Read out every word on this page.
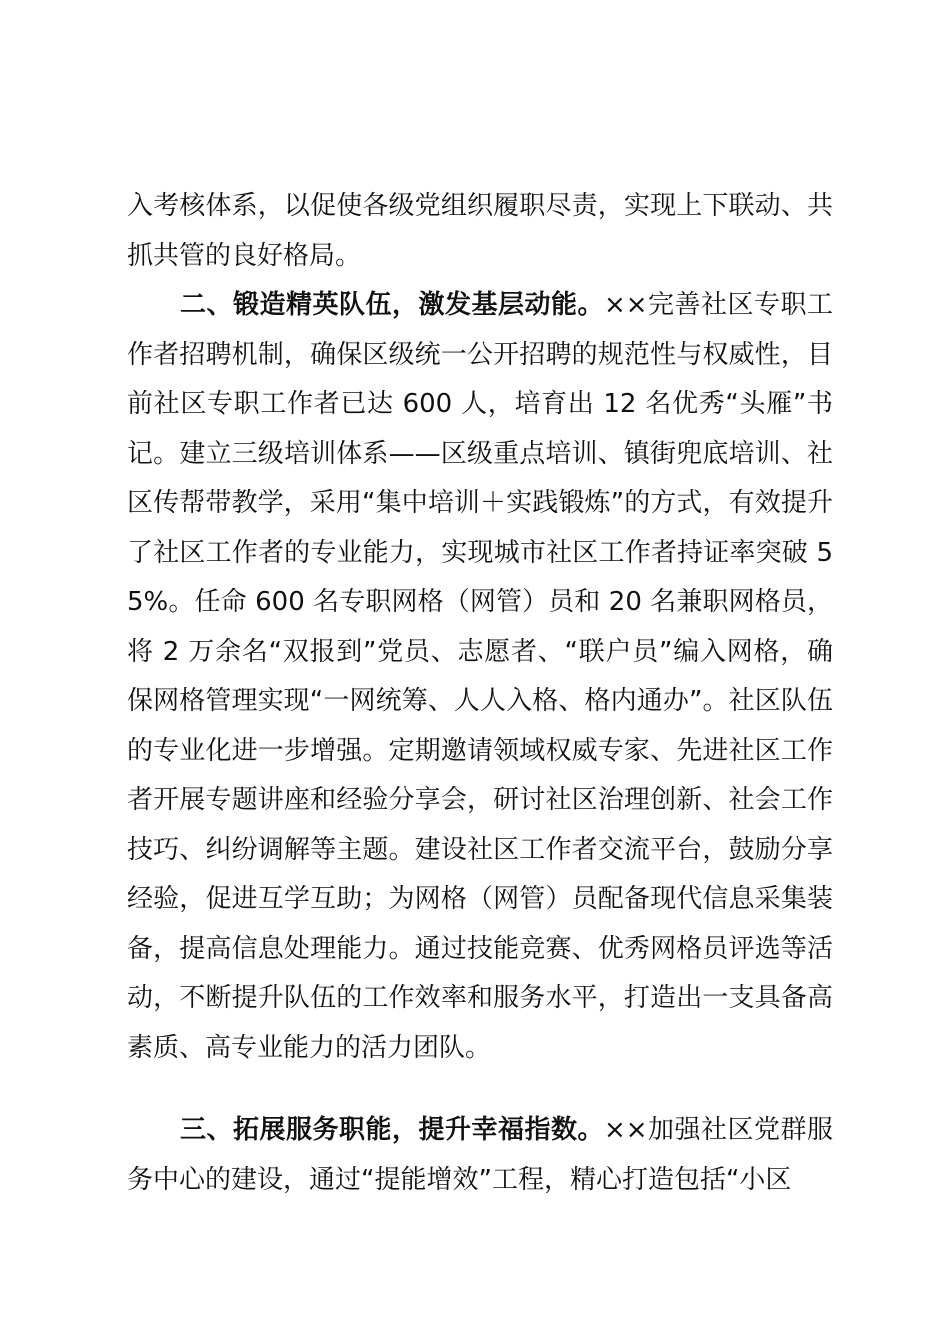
入考核体系，以促使各级党组织履职尽责，实现上下联动、共抓共管的良好格局。

二、锻造精英队伍，激发基层动能。××完善社区专职工作者招聘机制，确保区级统一公开招聘的规范性与权威性，目前社区专职工作者已达 600 人，培育出 12 名优秀“头雁”书记。建立三级培训体系——区级重点培训、镇街兜底培训、社区传帮带教学，采用“集中培训＋实践锻炼”的方式，有效提升了社区工作者的专业能力，实现城市社区工作者持证率突破 55%。任命 600 名专职网格（网管）员和 20 名兼职网格员，将 2 万余名“双报到”党员、志愿者、“联户员”编入网格，确保网格管理实现“一网统筹、人人入格、格内通办”。社区队伍的专业化进一步增强。定期邀请领域权威专家、先进社区工作者开展专题讲座和经验分享会，研讨社区治理创新、社会工作技巧、纠纷调解等主题。建设社区工作者交流平台，鼓励分享经验，促进互学互助；为网格（网管）员配备现代信息采集装备，提高信息处理能力。通过技能竞赛、优秀网格员评选等活动，不断提升队伍的工作效率和服务水平，打造出一支具备高素质、高专业能力的活力团队。

三、拓展服务职能，提升幸福指数。××加强社区党群服务中心的建设，通过“提能增效”工程，精心打造包括“小区
